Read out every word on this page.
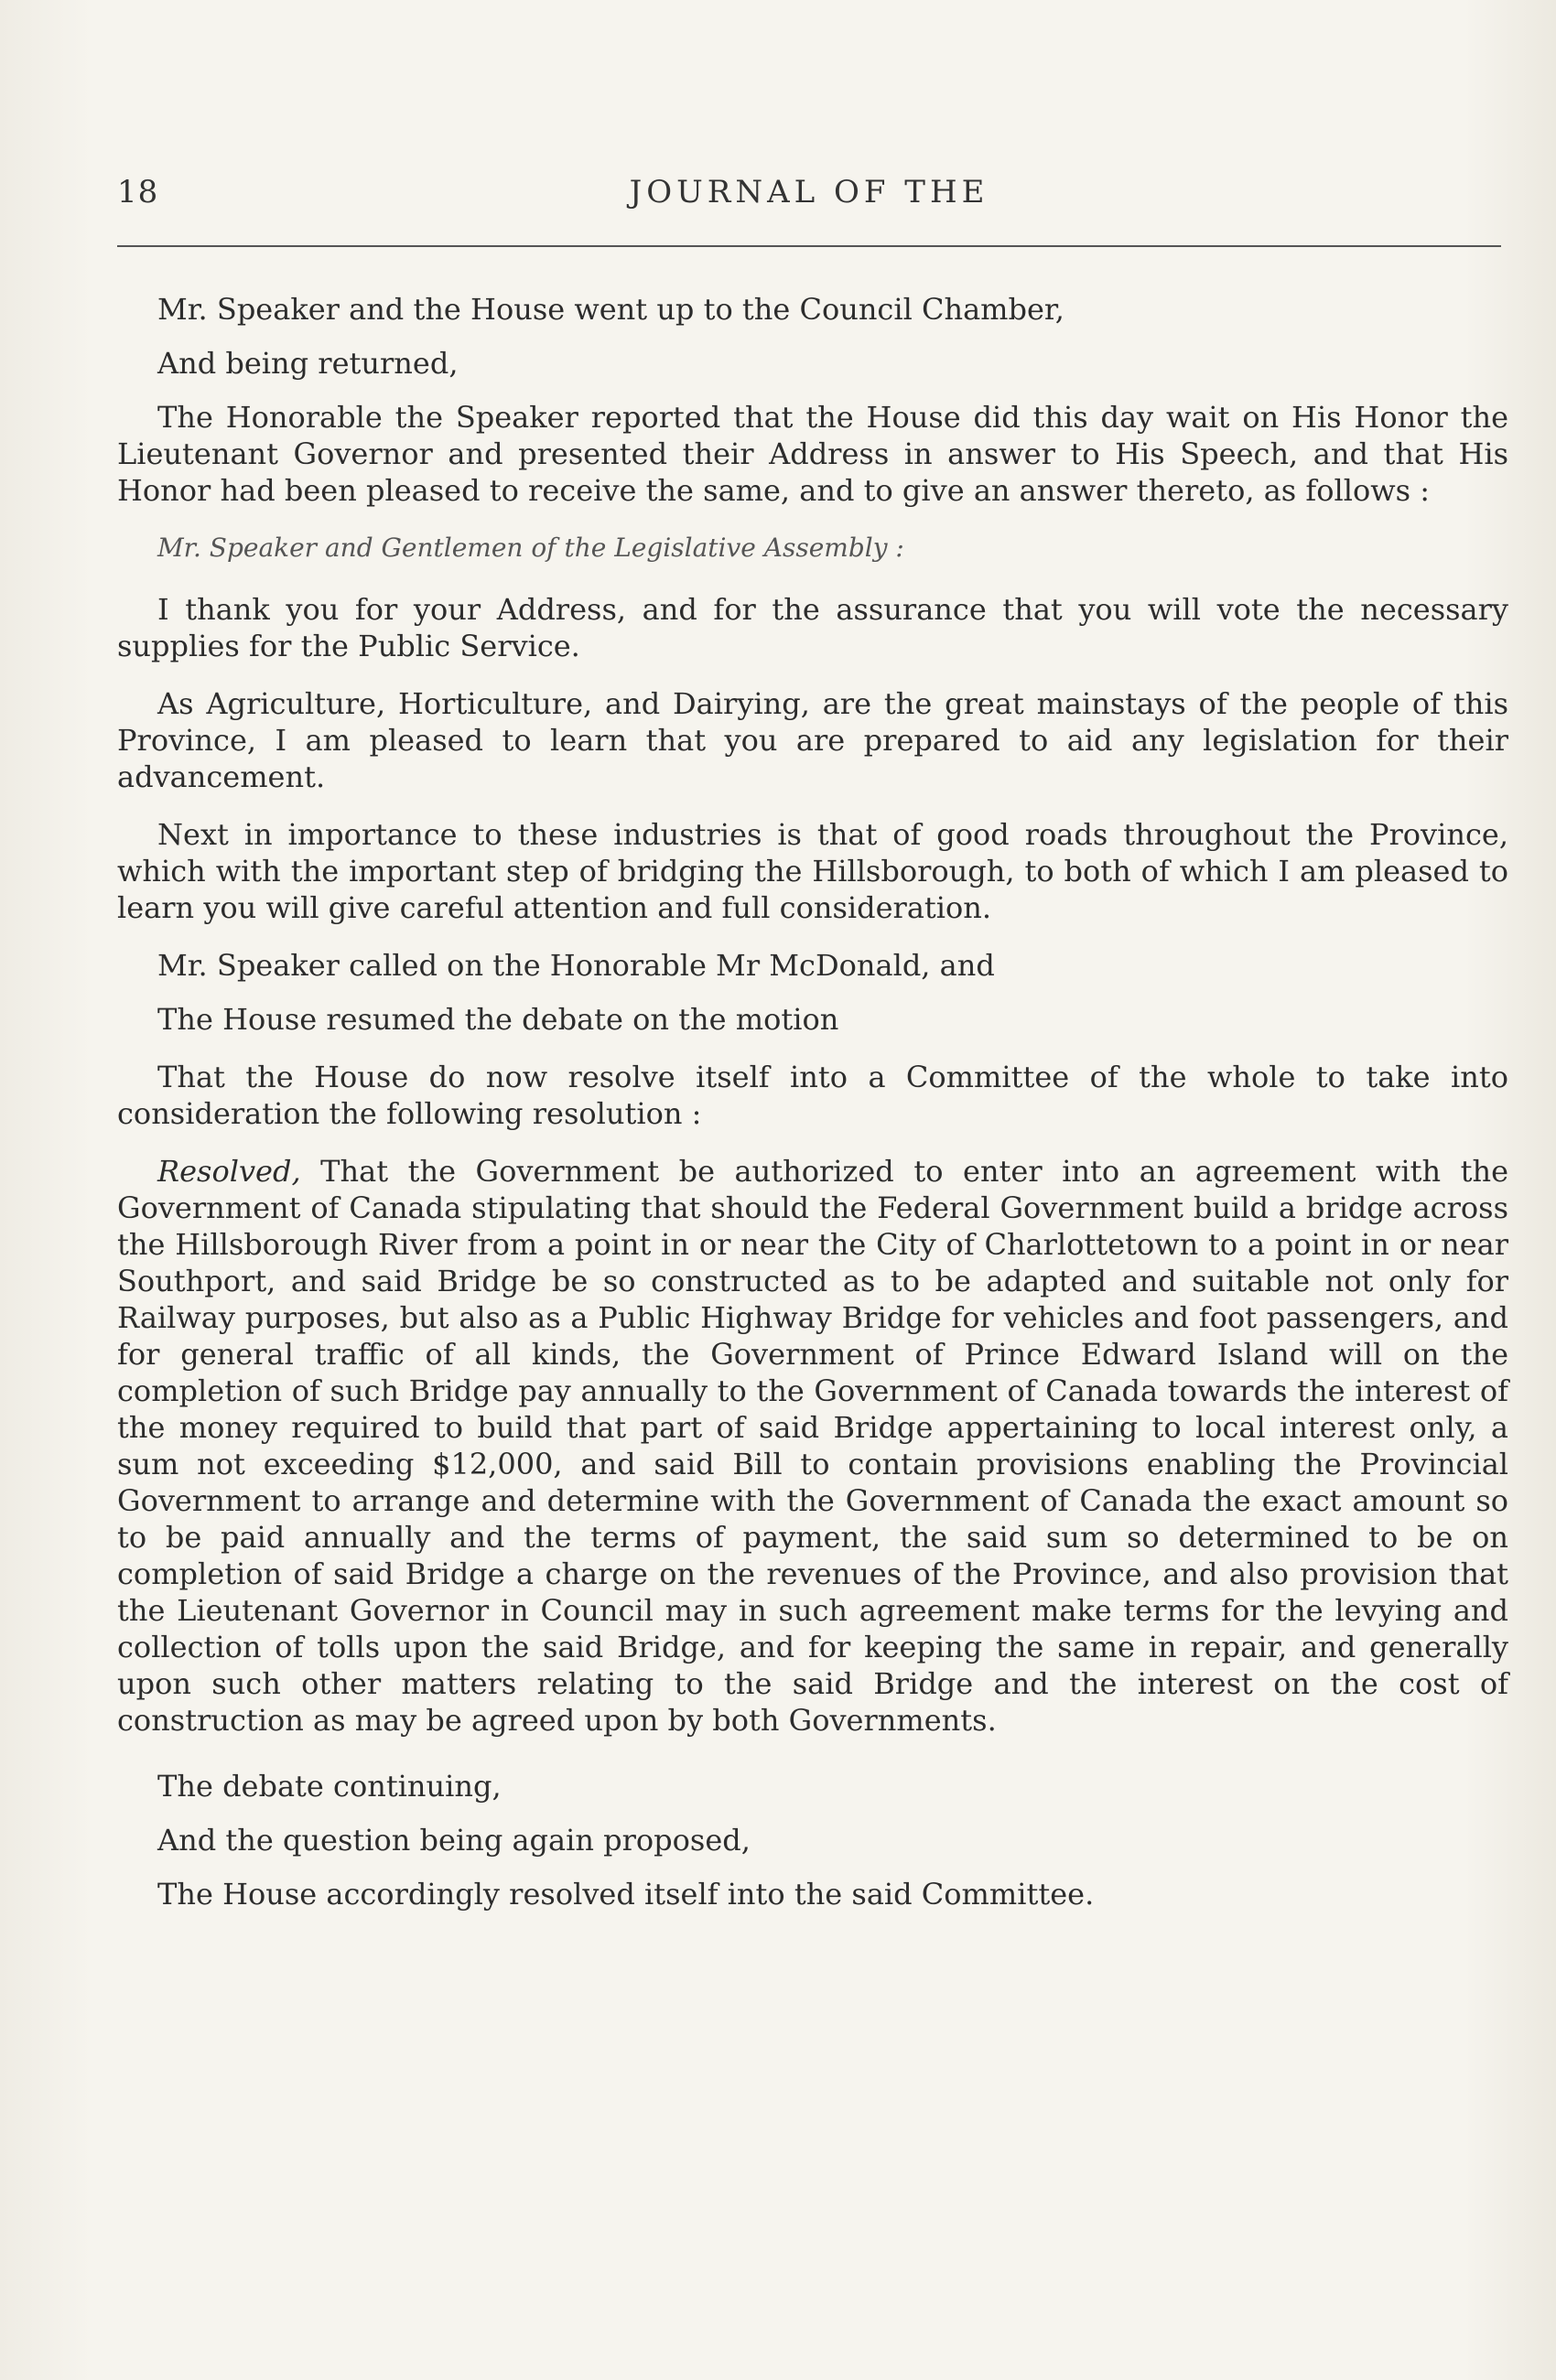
18	JOURNAL OF THE

Mr. Speaker and the House went up to the Council Chamber,

And being returned,

The Honorable the Speaker reported that the House did this day wait on His Honor the Lieutenant Governor and presented their Address in answer to His Speech, and that His Honor had been pleased to receive the same, and to give an answer thereto, as follows :

Mr. Speaker and Gentlemen of the Legislative Assembly :

I thank you for your Address, and for the assurance that you will vote the necessary supplies for the Public Service.

As Agriculture, Horticulture, and Dairying, are the great mainstays of the people of this Province, I am pleased to learn that you are prepared to aid any legislation for their advancement.

Next in importance to these industries is that of good roads throughout the Province, which with the important step of bridging the Hillsborough, to both of which I am pleased to learn you will give careful attention and full consideration.

Mr. Speaker called on the Honorable Mr McDonald, and

The House resumed the debate on the motion

That the House do now resolve itself into a Committee of the whole to take into consideration the following resolution :

Resolved, That the Government be authorized to enter into an agreement with the Government of Canada stipulating that should the Federal Government build a bridge across the Hillsborough River from a point in or near the City of Charlottetown to a point in or near Southport, and said Bridge be so constructed as to be adapted and suitable not only for Railway purposes, but also as a Public Highway Bridge for vehicles and foot passengers, and for general traffic of all kinds, the Government of Prince Edward Island will on the completion of such Bridge pay annually to the Government of Canada towards the interest of the money required to build that part of said Bridge appertaining to local interest only, a sum not exceeding $12,000, and said Bill to contain provisions enabling the Provincial Government to arrange and determine with the Government of Canada the exact amount so to be paid annually and the terms of payment, the said sum so determined to be on completion of said Bridge a charge on the revenues of the Province, and also provision that the Lieutenant Governor in Council may in such agreement make terms for the levying and collection of tolls upon the said Bridge, and for keeping the same in repair, and generally upon such other matters relating to the said Bridge and the interest on the cost of construction as may be agreed upon by both Governments.

The debate continuing,

And the question being again proposed,

The House accordingly resolved itself into the said Committee.
